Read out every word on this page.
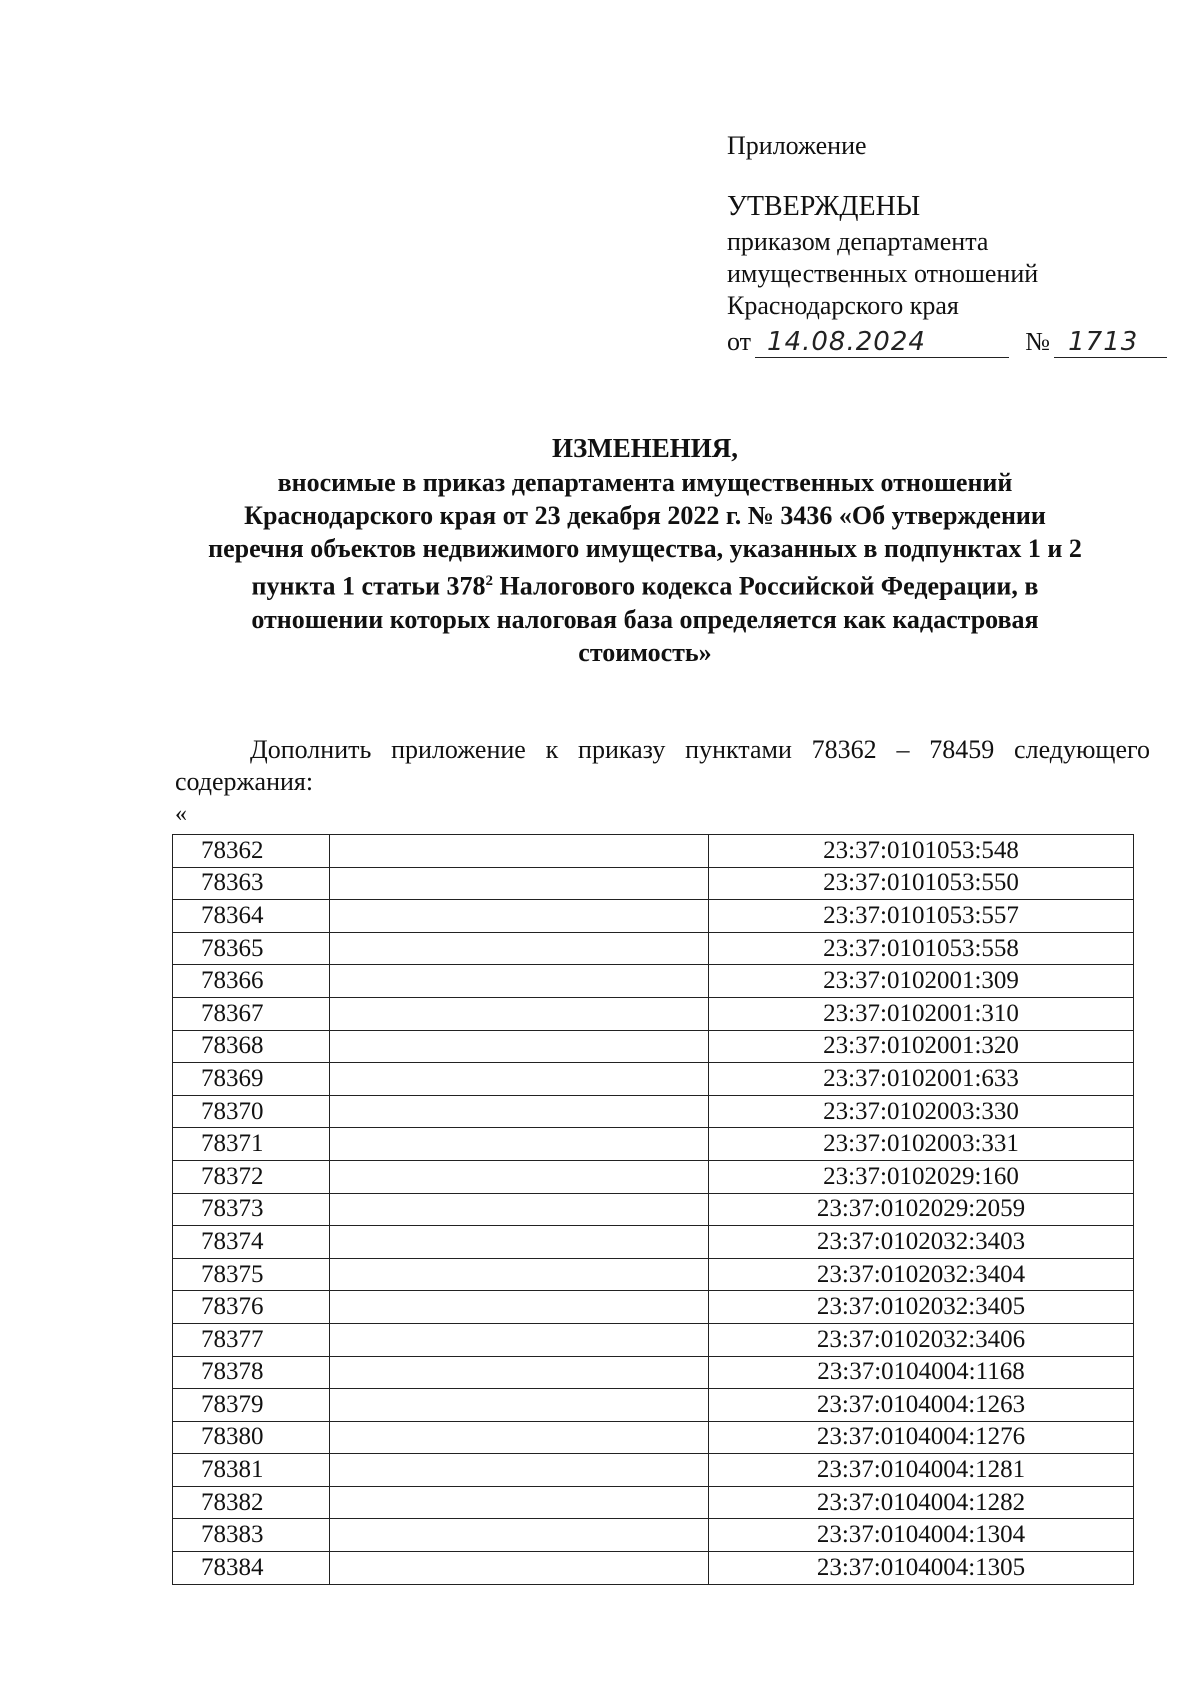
Приложение
УТВЕРЖДЕНЫ
приказом департамента
имущественных отношений
Краснодарского края
от 14.08.2024	№ 1713
ИЗМЕНЕНИЯ,
вносимые в приказ департамента имущественных отношений
Краснодарского края от 23 декабря 2022 г. № 3436 «Об утверждении
перечня объектов недвижимого имущества, указанных в подпунктах 1 и 2
пункта 1 статьи $378^2$ Налогового кодекса Российской Федерации, в
отношении которых налоговая база определяется как кадастровая
стоимость»
Дополнить приложение к приказу пунктами 78362 – 78459 следующего
содержания:
«
78362		23:37:0101053:548
78363		23:37:0101053:550
78364		23:37:0101053:557
78365		23:37:0101053:558
78366		23:37:0102001:309
78367		23:37:0102001:310
78368		23:37:0102001:320
78369		23:37:0102001:633
78370		23:37:0102003:330
78371		23:37:0102003:331
78372		23:37:0102029:160
78373		23:37:0102029:2059
78374		23:37:0102032:3403
78375		23:37:0102032:3404
78376		23:37:0102032:3405
78377		23:37:0102032:3406
78378		23:37:0104004:1168
78379		23:37:0104004:1263
78380		23:37:0104004:1276
78381		23:37:0104004:1281
78382		23:37:0104004:1282
78383		23:37:0104004:1304
78384		23:37:0104004:1305
